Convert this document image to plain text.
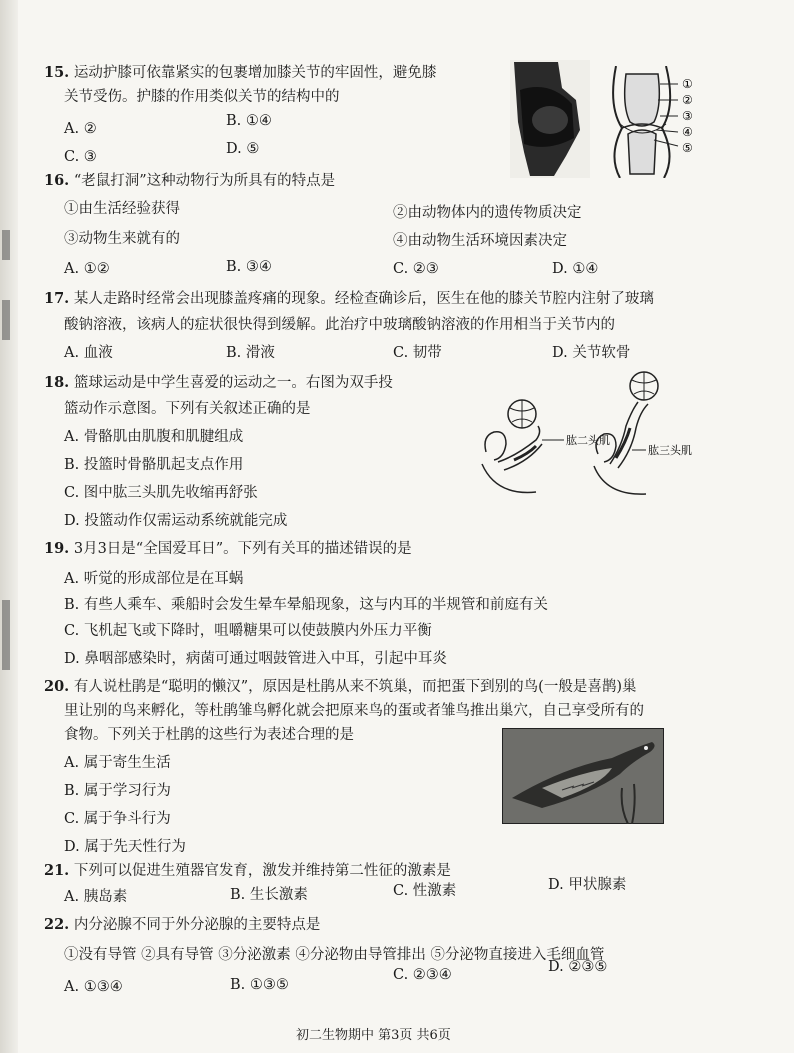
15. 运动护膝可依靠紧实的包裹增加膝关节的牢固性，避免膝
关节受伤。护膝的作用类似关节的结构中的
A. ②	B. ①④
C. ③	D. ⑤
①
②
③
④
⑤
16. “老鼠打洞”这种动物行为所具有的特点是
①由生活经验获得	②由动物体内的遗传物质决定
③动物生来就有的	④由动物生活环境因素决定
A. ①②	B. ③④	C. ②③	D. ①④
17. 某人走路时经常会出现膝盖疼痛的现象。经检查确诊后，医生在他的膝关节腔内注射了玻璃
酸钠溶液，该病人的症状很快得到缓解。此治疗中玻璃酸钠溶液的作用相当于关节内的
A. 血液	B. 滑液	C. 韧带	D. 关节软骨
18. 篮球运动是中学生喜爱的运动之一。右图为双手投
篮动作示意图。下列有关叙述正确的是
A. 骨骼肌由肌腹和肌腱组成
B. 投篮时骨骼肌起支点作用
C. 图中肱三头肌先收缩再舒张
D. 投篮动作仅需运动系统就能完成
肱二头肌
肱三头肌
19. 3月3日是“全国爱耳日”。下列有关耳的描述错误的是
A. 听觉的形成部位是在耳蜗
B. 有些人乘车、乘船时会发生晕车晕船现象，这与内耳的半规管和前庭有关
C. 飞机起飞或下降时，咀嚼糖果可以使鼓膜内外压力平衡
D. 鼻咽部感染时，病菌可通过咽鼓管进入中耳，引起中耳炎
20. 有人说杜鹃是“聪明的懒汉”，原因是杜鹃从来不筑巢，而把蛋下到别的鸟(一般是喜鹊)巢
里让别的鸟来孵化，等杜鹃雏鸟孵化就会把原来鸟的蛋或者雏鸟推出巢穴，自己享受所有的
食物。下列关于杜鹃的这些行为表述合理的是
A. 属于寄生生活
B. 属于学习行为
C. 属于争斗行为
D. 属于先天性行为
21. 下列可以促进生殖器官发育，激发并维持第二性征的激素是
A. 胰岛素	B. 生长激素	C. 性激素	D. 甲状腺素
22. 内分泌腺不同于外分泌腺的主要特点是
①没有导管 ②具有导管 ③分泌激素 ④分泌物由导管排出 ⑤分泌物直接进入毛细血管
A. ①③④	B. ①③⑤
C. ②③④	D. ②③⑤
初二生物期中 第3页 共6页
